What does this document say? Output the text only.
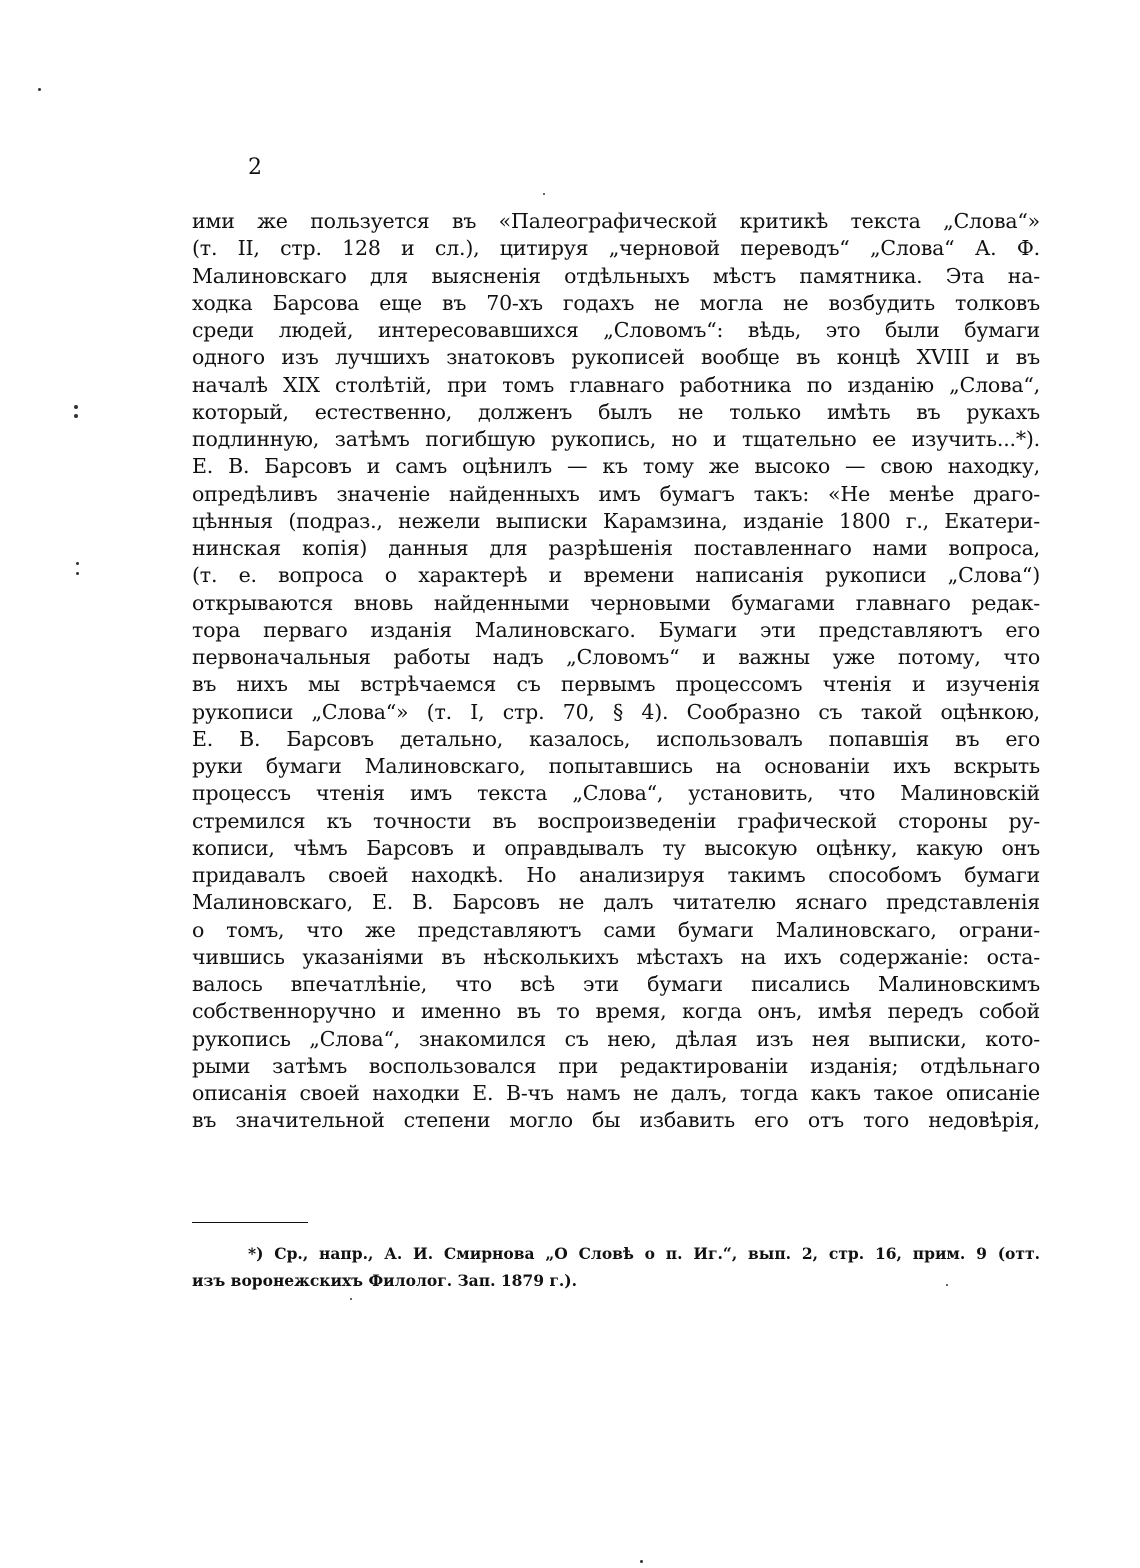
2
ими же пользуется въ «Палеографической критикѣ текста „Слова“»
(т. II, стр. 128 и сл.), цитируя „черновой переводъ“ „Слова“ А. Ф.
Малиновскаго для выясненія отдѣльныхъ мѣстъ памятника. Эта на-
ходка Барсова еще въ 70-хъ годахъ не могла не возбудить толковъ
среди людей, интересовавшихся „Словомъ“: вѣдь, это были бумаги
одного изъ лучшихъ знатоковъ рукописей вообще въ концѣ XVIII и въ
началѣ XIX столѣтій, при томъ главнаго работника по изданію „Слова“,
который, естественно, долженъ былъ не только имѣть въ рукахъ
подлинную, затѣмъ погибшую рукопись, но и тщательно ее изучить...*).
Е. В. Барсовъ и самъ оцѣнилъ — къ тому же высоко — свою находку,
опредѣливъ значеніе найденныхъ имъ бумагъ такъ: «Не менѣе драго-
цѣнныя (подраз., нежели выписки Карамзина, изданіе 1800 г., Екатери-
нинская копія) данныя для разрѣшенія поставленнаго нами вопроса,
(т. е. вопроса о характерѣ и времени написанія рукописи „Слова“)
открываются вновь найденными черновыми бумагами главнаго редак-
тора перваго изданія Малиновскаго. Бумаги эти представляютъ его
первоначальныя работы надъ „Словомъ“ и важны уже потому, что
въ нихъ мы встрѣчаемся съ первымъ процессомъ чтенія и изученія
рукописи „Слова“» (т. I, стр. 70, § 4). Сообразно съ такой оцѣнкою,
Е. В. Барсовъ детально, казалось, использовалъ попавшія въ его
руки бумаги Малиновскаго, попытавшись на основаніи ихъ вскрыть
процессъ чтенія имъ текста „Слова“, установить, что Малиновскій
стремился къ точности въ воспроизведеніи графической стороны ру-
кописи, чѣмъ Барсовъ и оправдывалъ ту высокую оцѣнку, какую онъ
придавалъ своей находкѣ. Но анализируя такимъ способомъ бумаги
Малиновскаго, Е. В. Барсовъ не далъ читателю яснаго представленія
о томъ, что же представляютъ сами бумаги Малиновскаго, ограни-
чившись указаніями въ нѣсколькихъ мѣстахъ на ихъ содержаніе: оста-
валось впечатлѣніе, что всѣ эти бумаги писались Малиновскимъ
собственноручно и именно въ то время, когда онъ, имѣя передъ собой
рукопись „Слова“, знакомился съ нею, дѣлая изъ нея выписки, кото-
рыми затѣмъ воспользовался при редактированіи изданія; отдѣльнаго
описанія своей находки Е. В-чъ намъ не далъ, тогда какъ такое описаніе
въ значительной степени могло бы избавить его отъ того недовѣрія,
*) Ср., напр., А. И. Смирнова „О Словѣ о п. Иг.“, вып. 2, стр. 16, прим. 9 (отт.
изъ воронежскихъ Филолог. Зап. 1879 г.).
